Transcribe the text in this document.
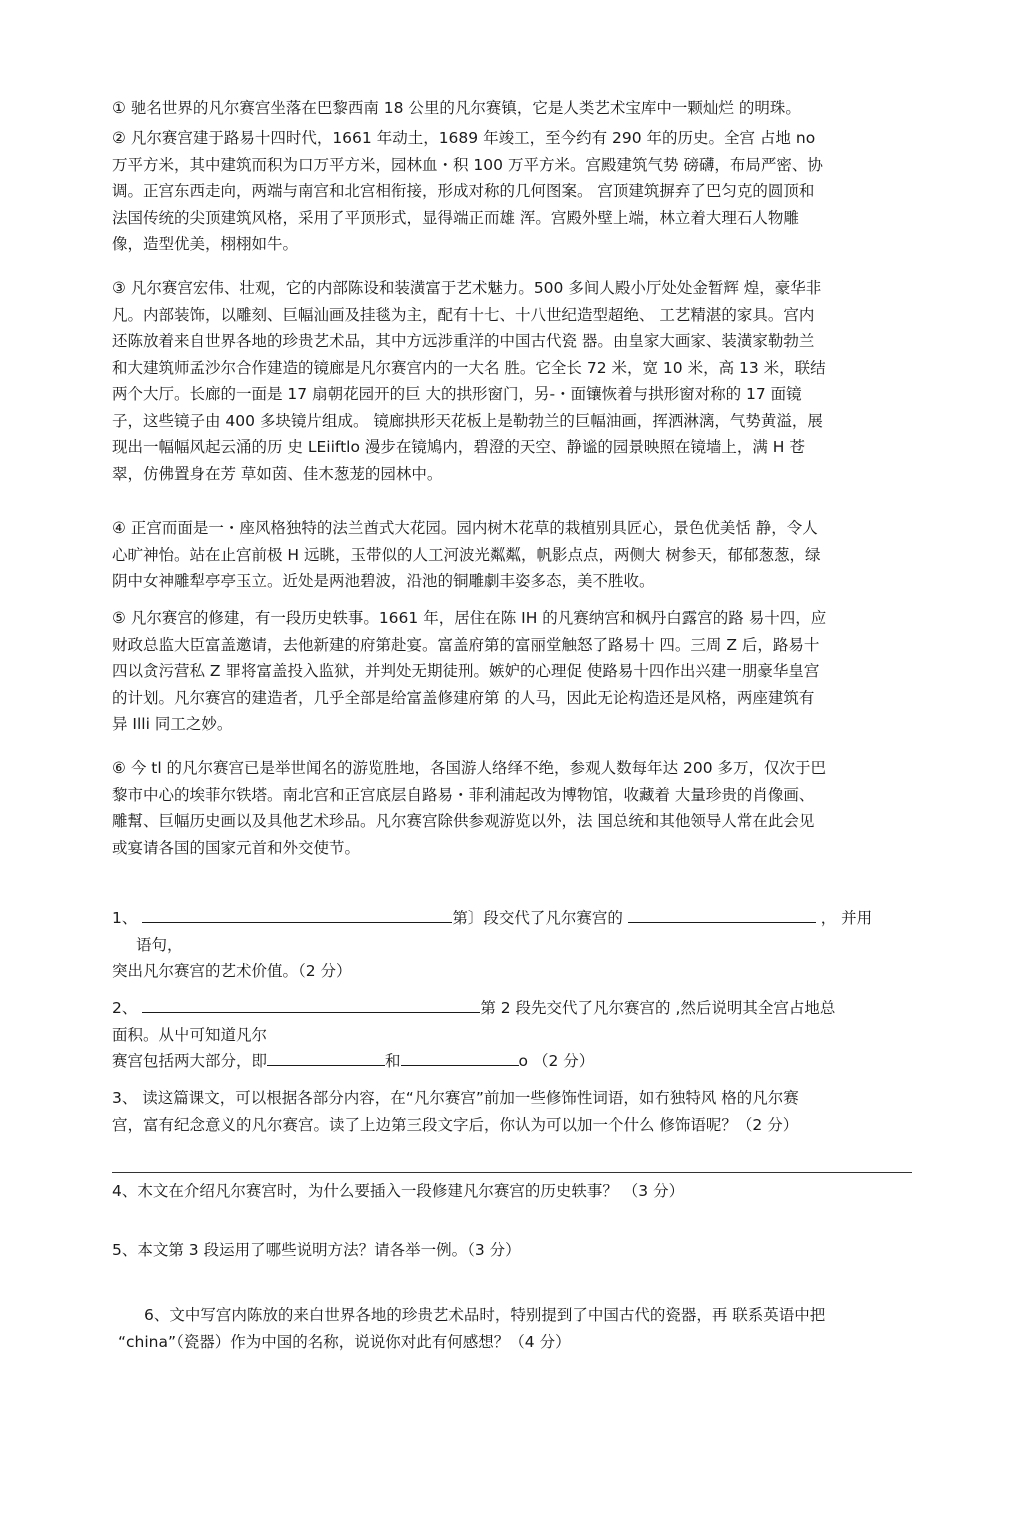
① 驰名世界的凡尔赛宫坐落在巴黎西南 18 公里的凡尔赛镇，它是人类艺术宝库中一颗灿烂 的明珠。
② 凡尔赛宫建于路易十四时代，1661 年动土，1689 年竣工，至今约有 290 年的历史。全宫 占地 no
万平方米，其中建筑而积为口万平方米，园林血・积 100 万平方米。宫殿建筑气势 磅礴，布局严密、协
调。正宫东西走向，两端与南宫和北宫相衔接，形成对称的几何图案。 宫顶建筑摒弃了巴匀克的圆顶和
法国传统的尖顶建筑风格，采用了平顶形式，显得端正而雄 浑。宫殿外壁上端，林立着大理石人物雕
像，造型优美，栩栩如牛。
③ 凡尔赛宫宏伟、壮观，它的内部陈设和装潢富于艺术魅力。500 多间人殿小厅处处金暂辉 煌，豪华非
凡。内部装饰，以雕刻、巨幅汕画及挂毯为主，配有十七、十八世纪造型超绝、 工艺精湛的家具。宫内
还陈放着来自世界各地的珍贵艺术品，其中方远涉重洋的中国古代瓷 器。由皇家大画家、装潢家勒勃兰
和大建筑师孟沙尔合作建造的镜廊是凡尔赛宫内的一大名 胜。它全长 72 米，宽 10 米，高 13 米，联结
两个大厅。长廊的一面是 17 扇朝花园开的巨 大的拱形窗门，另-・面镶恢着与拱形窗对称的 17 面镜
子，这些镜子由 400 多块镜片组成。 镜廊拱形天花板上是勒勃兰的巨幅油画，挥洒淋漓，气势黄溢，展
现出一幅幅风起云涌的历 史 LEiiftlo 漫步在镜鳩内，碧澄的天空、静谧的园景映照在镜墙上，满 H 苍
翠，仿佛置身在芳 草如茵、佳木葱茏的园林中。
④ 正宫而面是一・座风格独特的法兰酋式大花园。园内树木花草的栽植别具匠心，景色优美恬 静，令人
心旷神怡。站在止宫前极 H 远眺，玉带似的人工河波光粼粼，帆影点点，两侧大 树参天，郁郁葱葱，绿
阴中女神雕犁亭亭玉立。近处是两池碧波，沿池的铜雕劇丰姿多态，美不胜收。
⑤ 凡尔赛宫的修建，有一段历史轶事。1661 年，居住在陈 IH 的凡赛纳宫和枫丹白露宫的路 易十四，应
财政总监大臣富盖邀请，去他新建的府第赴宴。富盖府第的富丽堂触怒了路易十 四。三周 Z 后，路易十
四以贪污营私 Z 罪将富盖投入监狱，并判处无期徒刑。嫉妒的心理促 使路易十四作出兴建一朋豪华皇宫
的计划。凡尔赛宫的建造者，几乎全部是给富盖修建府第 的人马，因此无论构造还是风格，两座建筑有
异 Illi 同工之妙。
⑥ 今 tl 的凡尔赛宫已是举世闻名的游览胜地，各国游人络绎不绝，参观人数每年达 200 多万，仅次于巴
黎市中心的埃菲尔铁塔。南北宫和正宫底层自路易・菲利浦起改为博物馆，收藏着 大量珍贵的肖像画、
雕幫、巨幅历史画以及具他艺术珍品。凡尔赛宫除供参观游览以外，法 国总统和其他领导人常在此会见
或宴请各国的国家元首和外交使节。
1、	第〕段交代了凡尔赛宫的	， 并用
语句，
突出凡尔赛宫的艺术价值。（2 分）
2、	第 2 段先交代了凡尔赛宫的 ,然后说明其全宫占地总
面积。从屮可知道凡尔
赛宫包括两大部分，即	和	o （2 分）
3、 读这篇课文，可以根据各部分内容，在“凡尔赛宫”前加一些修饰性词语，如冇独特风 格的凡尔赛
宫，富有纪念意义的凡尔赛宫。读了上边第三段文字后，你认为可以加一个什么 修饰语呢？（2 分）
4、木文在介绍凡尔赛宫时，为什么要插入一段修建凡尔赛宫的历史轶事？ （3 分）
5、本文第 3 段运用了哪些说明方法？请各举一例。（3 分）
6、文中写宫内陈放的来白世界各地的珍贵艺术品时，特别提到了中国古代的瓷器，再 联系英语中把
“china”（瓷器）作为中国的名称，说说你对此有何感想？（4 分）
